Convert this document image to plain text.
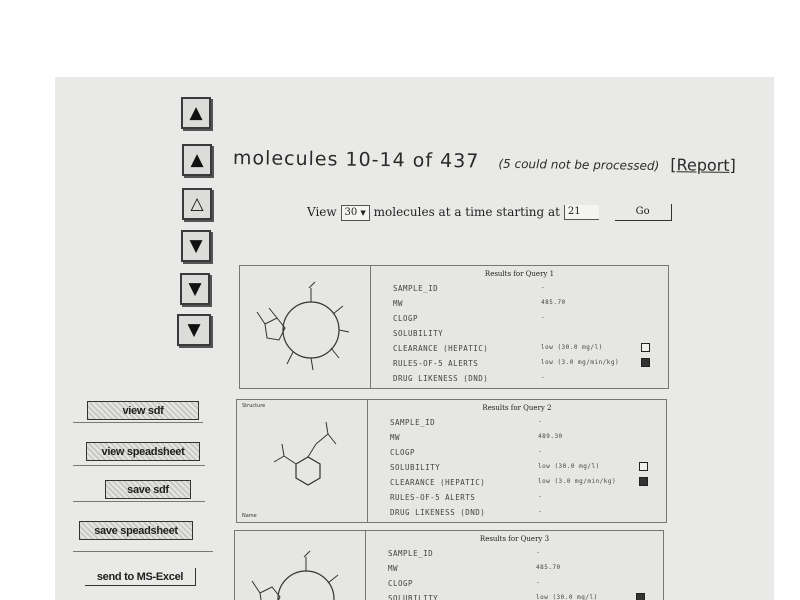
▲
▲
△
▼
▼
▼
molecules 10-14 of 437 (5 could not be processed) [Report]
View 30 ▼ molecules at a time starting at 21	Go
Results for Query 1
SAMPLE_ID	-
MW	485.70
CLOGP	-
SOLUBILITY
CLEARANCE (HEPATIC)	low (30.0 mg/l)
RULES-OF-5 ALERTS	low (3.0 mg/min/kg)
DRUG LIKENESS (DND)	-
Structure
Name
Results for Query 2
SAMPLE_ID	-
MW	489.30
CLOGP	-
SOLUBILITY	low (30.0 mg/l)
CLEARANCE (HEPATIC)	low (3.0 mg/min/kg)
RULES-OF-5 ALERTS	-
DRUG LIKENESS (DND)	-
Results for Query 3
SAMPLE_ID	-
MW	485.70
CLOGP	-
SOLUBILITY	low (30.0 mg/l)
view sdf
view speadsheet
save sdf
save speadsheet
send to MS-Excel
